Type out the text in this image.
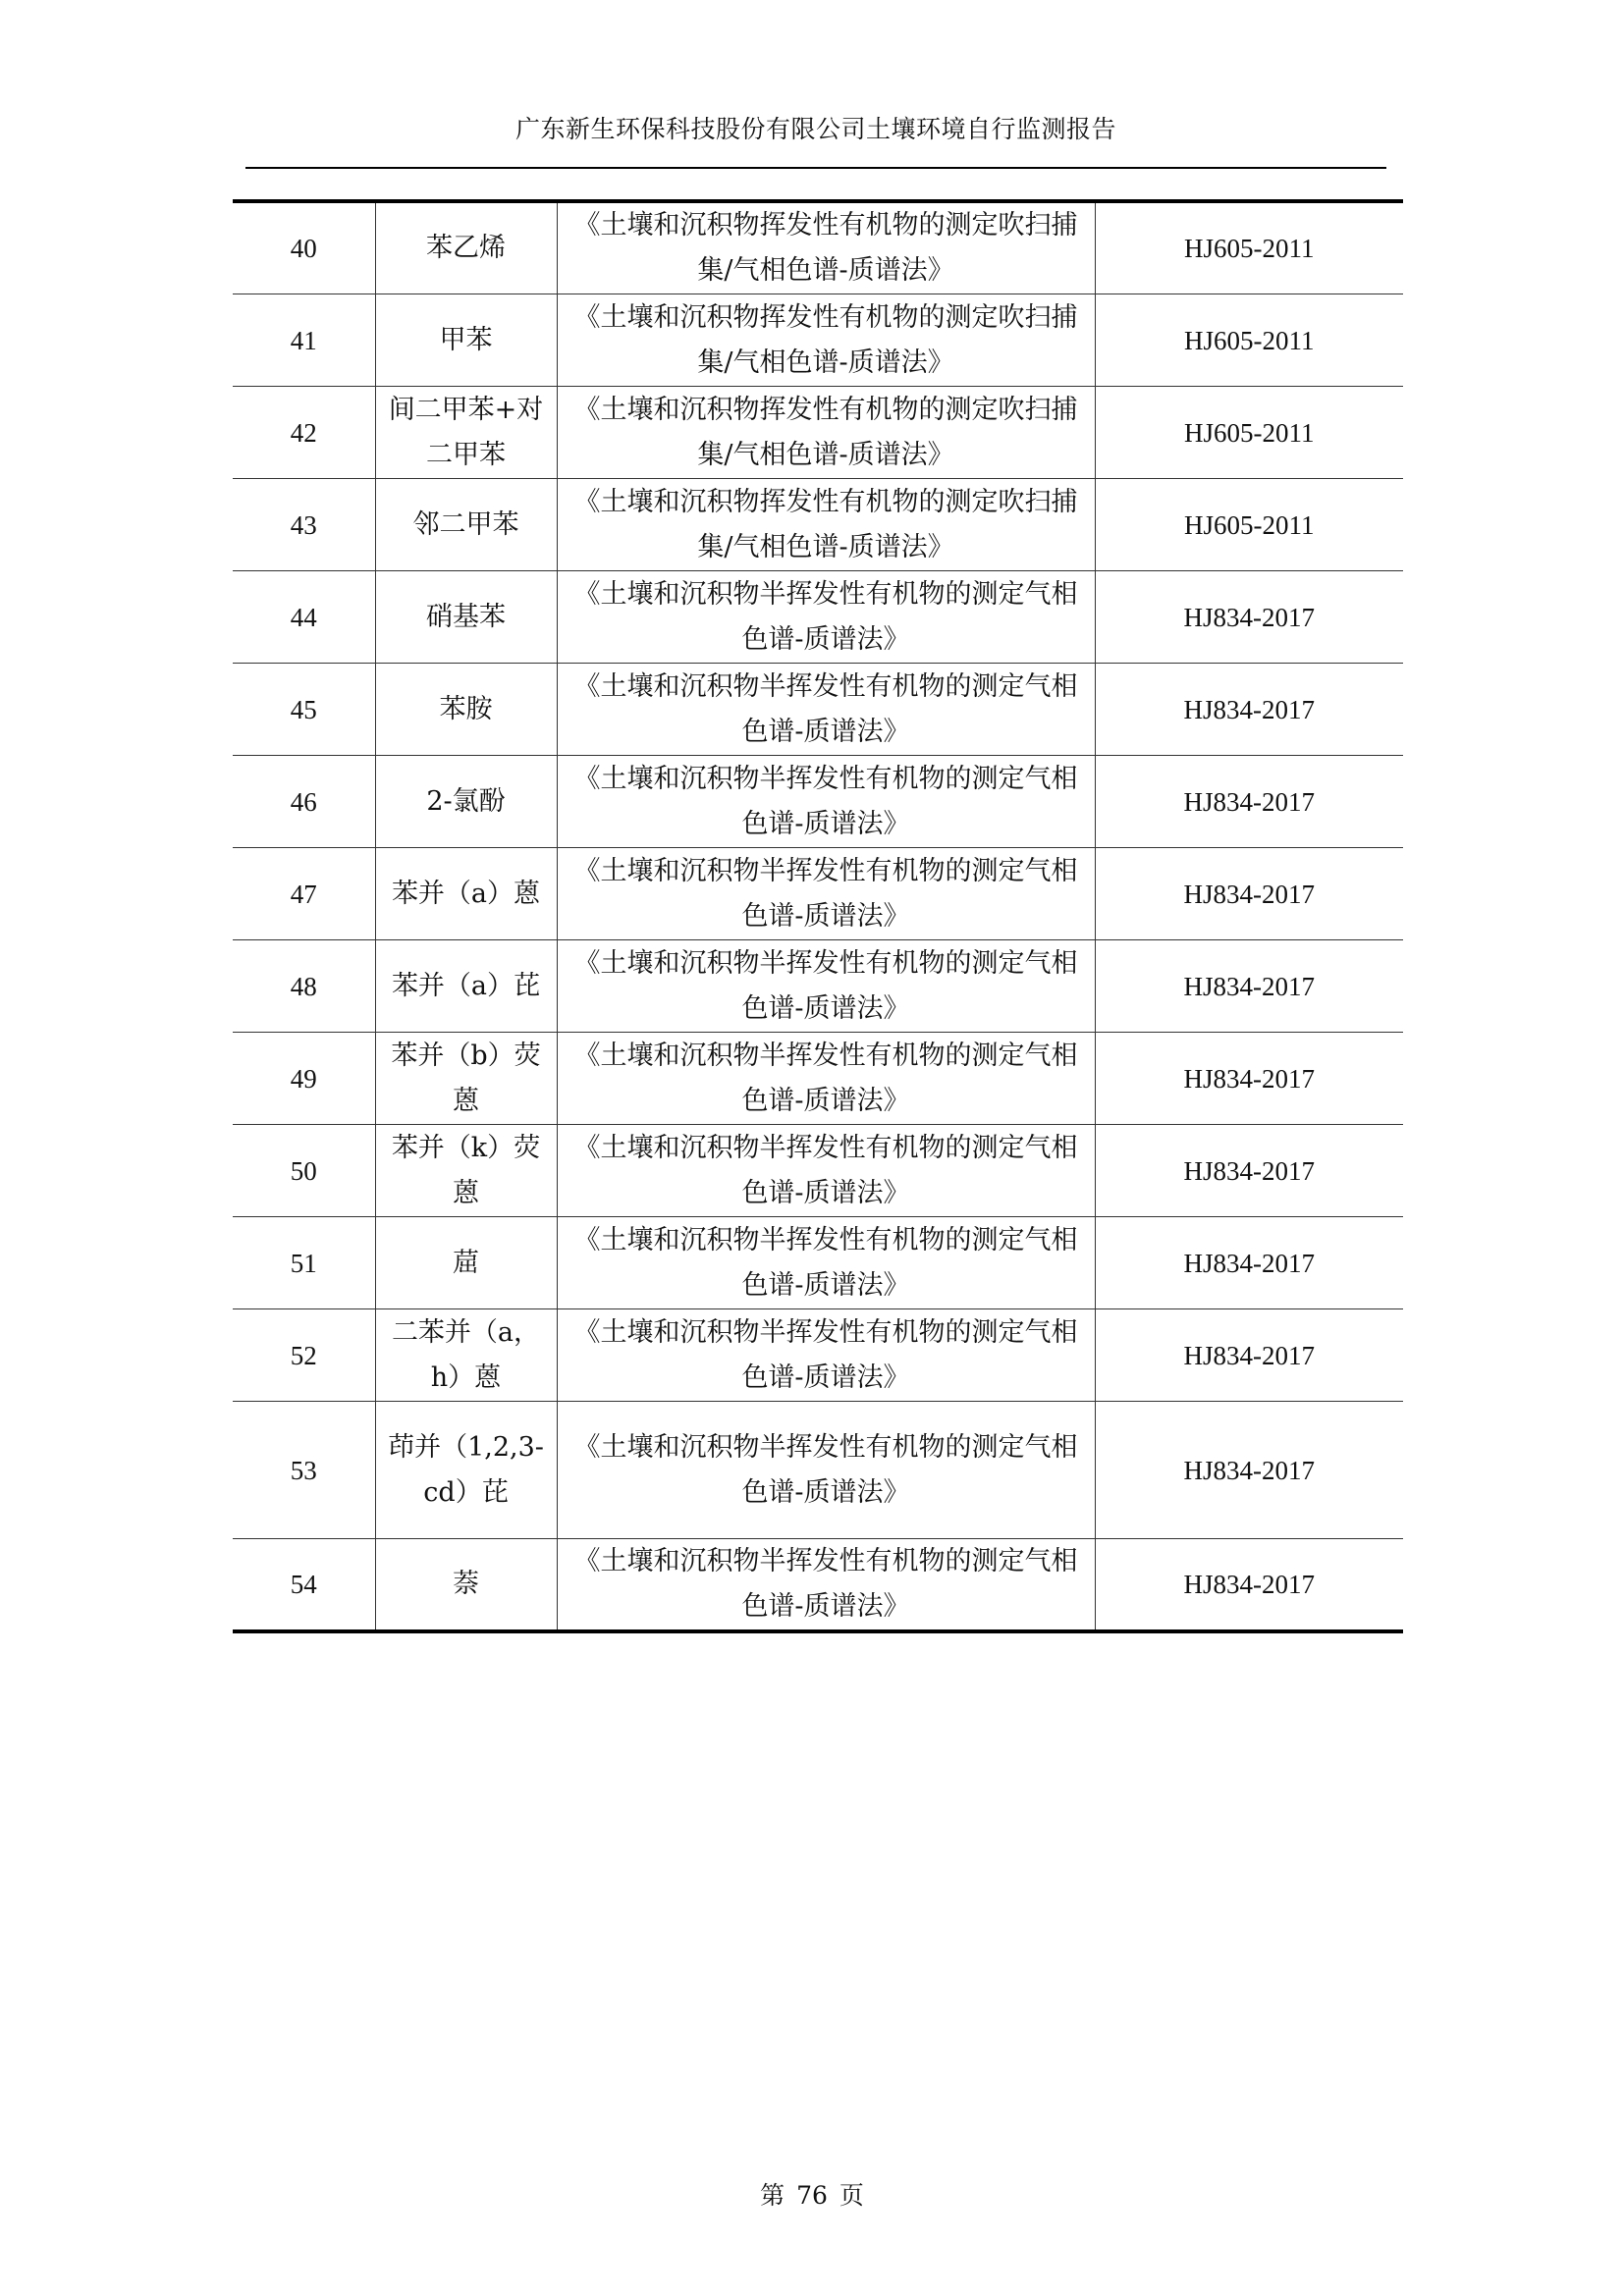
广东新生环保科技股份有限公司土壤环境自行监测报告
40	苯乙烯	《土壤和沉积物挥发性有机物的测定吹扫捕集/气相色谱-质谱法》	HJ605-2011
41	甲苯	《土壤和沉积物挥发性有机物的测定吹扫捕集/气相色谱-质谱法》	HJ605-2011
42	间二甲苯+对二甲苯	《土壤和沉积物挥发性有机物的测定吹扫捕集/气相色谱-质谱法》	HJ605-2011
43	邻二甲苯	《土壤和沉积物挥发性有机物的测定吹扫捕集/气相色谱-质谱法》	HJ605-2011
44	硝基苯	《土壤和沉积物半挥发性有机物的测定气相色谱-质谱法》	HJ834-2017
45	苯胺	《土壤和沉积物半挥发性有机物的测定气相色谱-质谱法》	HJ834-2017
46	2-氯酚	《土壤和沉积物半挥发性有机物的测定气相色谱-质谱法》	HJ834-2017
47	苯并（a）蒽	《土壤和沉积物半挥发性有机物的测定气相色谱-质谱法》	HJ834-2017
48	苯并（a）芘	《土壤和沉积物半挥发性有机物的测定气相色谱-质谱法》	HJ834-2017
49	苯并（b）荧蒽	《土壤和沉积物半挥发性有机物的测定气相色谱-质谱法》	HJ834-2017
50	苯并（k）荧蒽	《土壤和沉积物半挥发性有机物的测定气相色谱-质谱法》	HJ834-2017
51	䓛	《土壤和沉积物半挥发性有机物的测定气相色谱-质谱法》	HJ834-2017
52	二苯并（a，h）蒽	《土壤和沉积物半挥发性有机物的测定气相色谱-质谱法》	HJ834-2017
53	茚并（1,2,3-cd）芘	《土壤和沉积物半挥发性有机物的测定气相色谱-质谱法》	HJ834-2017
54	萘	《土壤和沉积物半挥发性有机物的测定气相色谱-质谱法》	HJ834-2017
第 76 页
